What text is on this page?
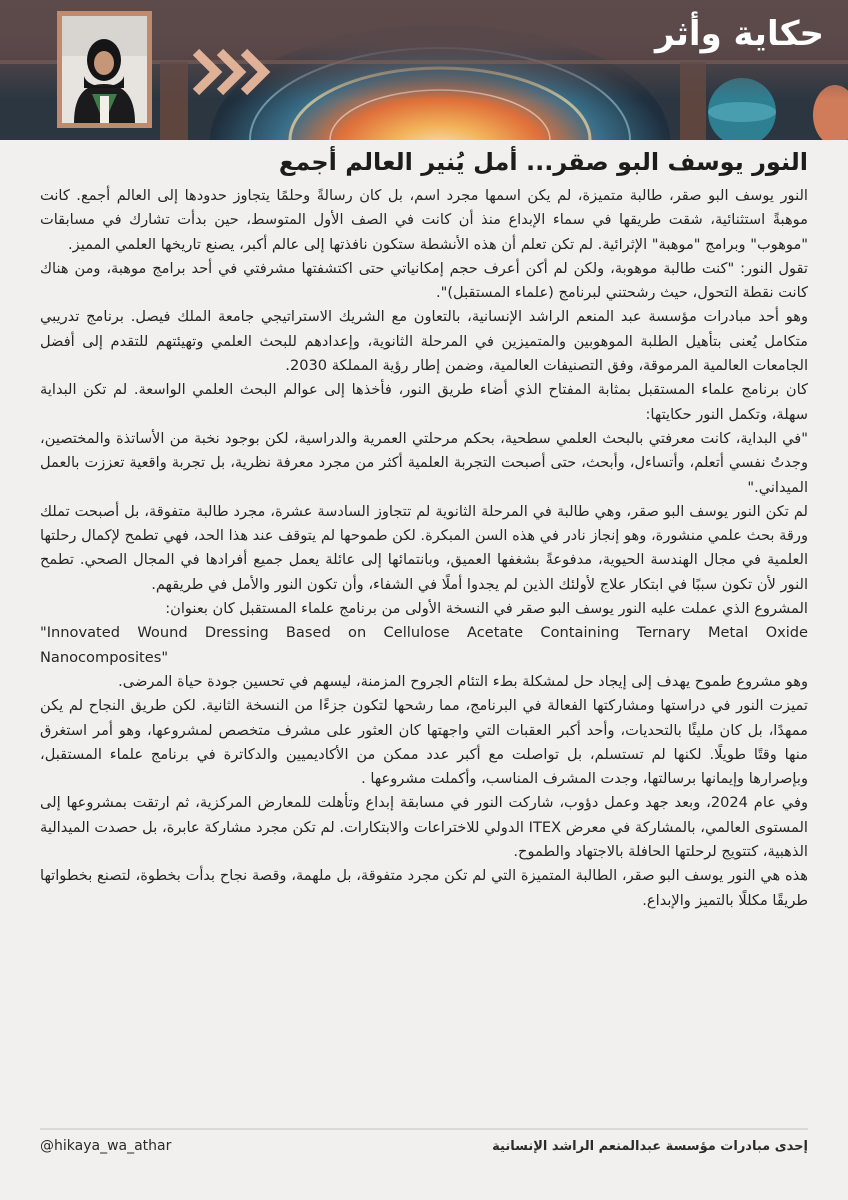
حكاية وأثر
النور يوسف البو صقر... أمل يُنير العالم أجمع

النور يوسف البو صقر، طالبة متميزة، لم يكن اسمها مجرد اسم، بل كان رسالةً وحلمًا يتجاوز حدودها إلى العالم أجمع. كانت موهبةً استثنائية، شقت طريقها في سماء الإبداع منذ أن كانت في الصف الأول المتوسط، حين بدأت تشارك في مسابقات "موهوب" وبرامج "موهبة" الإثرائية. لم تكن تعلم أن هذه الأنشطة ستكون نافذتها إلى عالم أكبر، يصنع تاريخها العلمي المميز.

تقول النور: "كنت طالبة موهوبة، ولكن لم أكن أعرف حجم إمكانياتي حتى اكتشفتها مشرفتي في أحد برامج موهبة، ومن هناك كانت نقطة التحول، حيث رشحتني لبرنامج (علماء المستقبل)".

وهو أحد مبادرات مؤسسة عبد المنعم الراشد الإنسانية، بالتعاون مع الشريك الاستراتيجي جامعة الملك فيصل. برنامج تدريبي متكامل يُعنى بتأهيل الطلبة الموهوبين والمتميزين في المرحلة الثانوية، وإعدادهم للبحث العلمي وتهيئتهم للتقدم إلى أفضل الجامعات العالمية المرموقة، وفق التصنيفات العالمية، وضمن إطار رؤية المملكة 2030.

كان برنامج علماء المستقبل بمثابة المفتاح الذي أضاء طريق النور، فأخذها إلى عوالم البحث العلمي الواسعة. لم تكن البداية سهلة، وتكمل النور حكايتها:

"في البداية، كانت معرفتي بالبحث العلمي سطحية، بحكم مرحلتي العمرية والدراسية، لكن بوجود نخبة من الأساتذة والمختصين، وجدتُ نفسي أتعلم، وأتساءل، وأبحث، حتى أصبحت التجربة العلمية أكثر من مجرد معرفة نظرية، بل تجربة واقعية تعززت بالعمل الميداني."

لم تكن النور يوسف البو صقر، وهي طالبة في المرحلة الثانوية لم تتجاوز السادسة عشرة، مجرد طالبة متفوقة، بل أصبحت تملك ورقة بحث علمي منشورة، وهو إنجاز نادر في هذه السن المبكرة. لكن طموحها لم يتوقف عند هذا الحد، فهي تطمح لإكمال رحلتها العلمية في مجال الهندسة الحيوية، مدفوعةً بشغفها العميق، وبانتمائها إلى عائلة يعمل جميع أفرادها في المجال الصحي. تطمح النور لأن تكون سببًا في ابتكار علاج لأولئك الذين لم يجدوا أملًا في الشفاء، وأن تكون النور والأمل في طريقهم.

المشروع الذي عملت عليه النور يوسف البو صقر في النسخة الأولى من برنامج علماء المستقبل كان بعنوان:

"Innovated Wound Dressing Based on Cellulose Acetate Containing Ternary Metal Oxide Nanocomposites"

وهو مشروع طموح يهدف إلى إيجاد حل لمشكلة بطء التئام الجروح المزمنة، ليسهم في تحسين جودة حياة المرضى.

تميزت النور في دراستها ومشاركتها الفعالة في البرنامج، مما رشحها لتكون جزءًا من النسخة الثانية. لكن طريق النجاح لم يكن ممهدًا، بل كان مليئًا بالتحديات، وأحد أكبر العقبات التي واجهتها كان العثور على مشرف متخصص لمشروعها، وهو أمر استغرق منها وقتًا طويلًا. لكنها لم تستسلم، بل تواصلت مع أكبر عدد ممكن من الأكاديميين والدكاترة في برنامج علماء المستقبل، وبإصرارها وإيمانها برسالتها، وجدت المشرف المناسب، وأكملت مشروعها .

وفي عام 2024، وبعد جهد وعمل دؤوب، شاركت النور في مسابقة إبداع وتأهلت للمعارض المركزية، ثم ارتقت بمشروعها إلى المستوى العالمي، بالمشاركة في معرض ITEX الدولي للاختراعات والابتكارات. لم تكن مجرد مشاركة عابرة، بل حصدت الميدالية الذهبية، كتتويج لرحلتها الحافلة بالاجتهاد والطموح.

هذه هي النور يوسف البو صقر، الطالبة المتميزة التي لم تكن مجرد متفوقة، بل ملهمة، وقصة نجاح بدأت بخطوة، لتصنع بخطواتها طريقًا مكللًا بالتميز والإبداع.

@hikaya_wa_athar	إحدى مبادرات مؤسسة عبدالمنعم الراشد الإنسانية
